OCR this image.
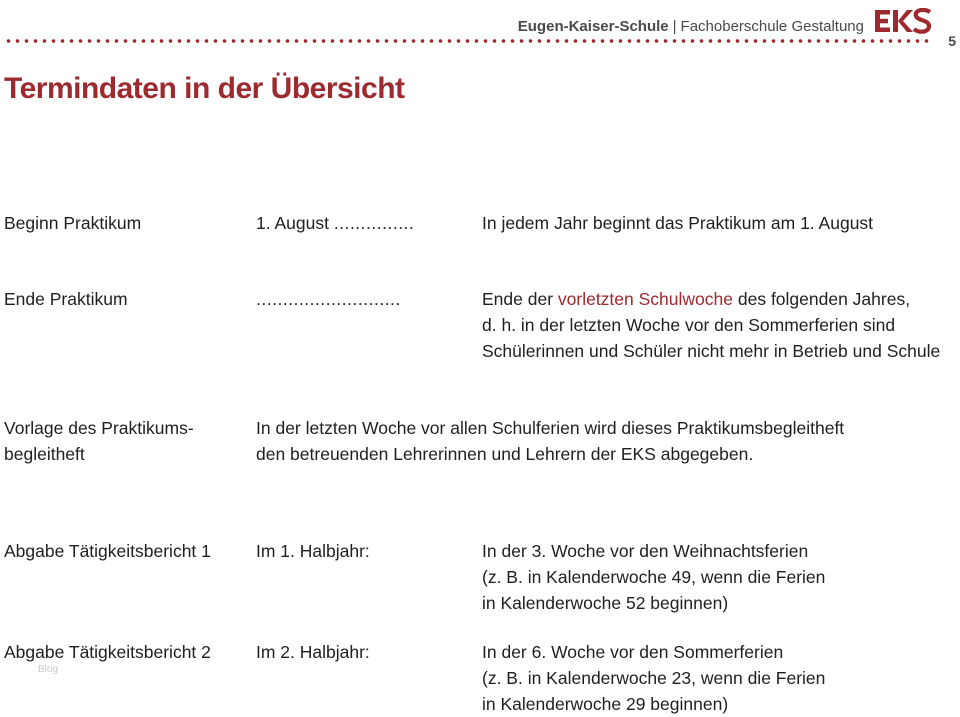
Eugen-Kaiser-Schule | Fachoberschule Gestaltung
5
Termindaten in der Übersicht
Beginn Praktikum	1. August ...............	In jedem Jahr beginnt das Praktikum am 1. August
Ende Praktikum	...........................	Ende der vorletzten Schulwoche des folgenden Jahres,
d. h. in der letzten Woche vor den Sommerferien sind
Schülerinnen und Schüler nicht mehr in Betrieb und Schule
Vorlage des Praktikums-
begleitheft
In der letzten Woche vor allen Schulferien wird dieses Praktikumsbegleitheft
den betreuenden Lehrerinnen und Lehrern der EKS abgegeben.
Abgabe Tätigkeitsbericht 1	Im 1. Halbjahr:	In der 3. Woche vor den Weihnachtsferien
(z. B. in Kalenderwoche 49, wenn die Ferien
in Kalenderwoche 52 beginnen)
Abgabe Tätigkeitsbericht 2	Im 2. Halbjahr:	In der 6. Woche vor den Sommerferien
(z. B. in Kalenderwoche 23, wenn die Ferien
in Kalenderwoche 29 beginnen)
Blog
